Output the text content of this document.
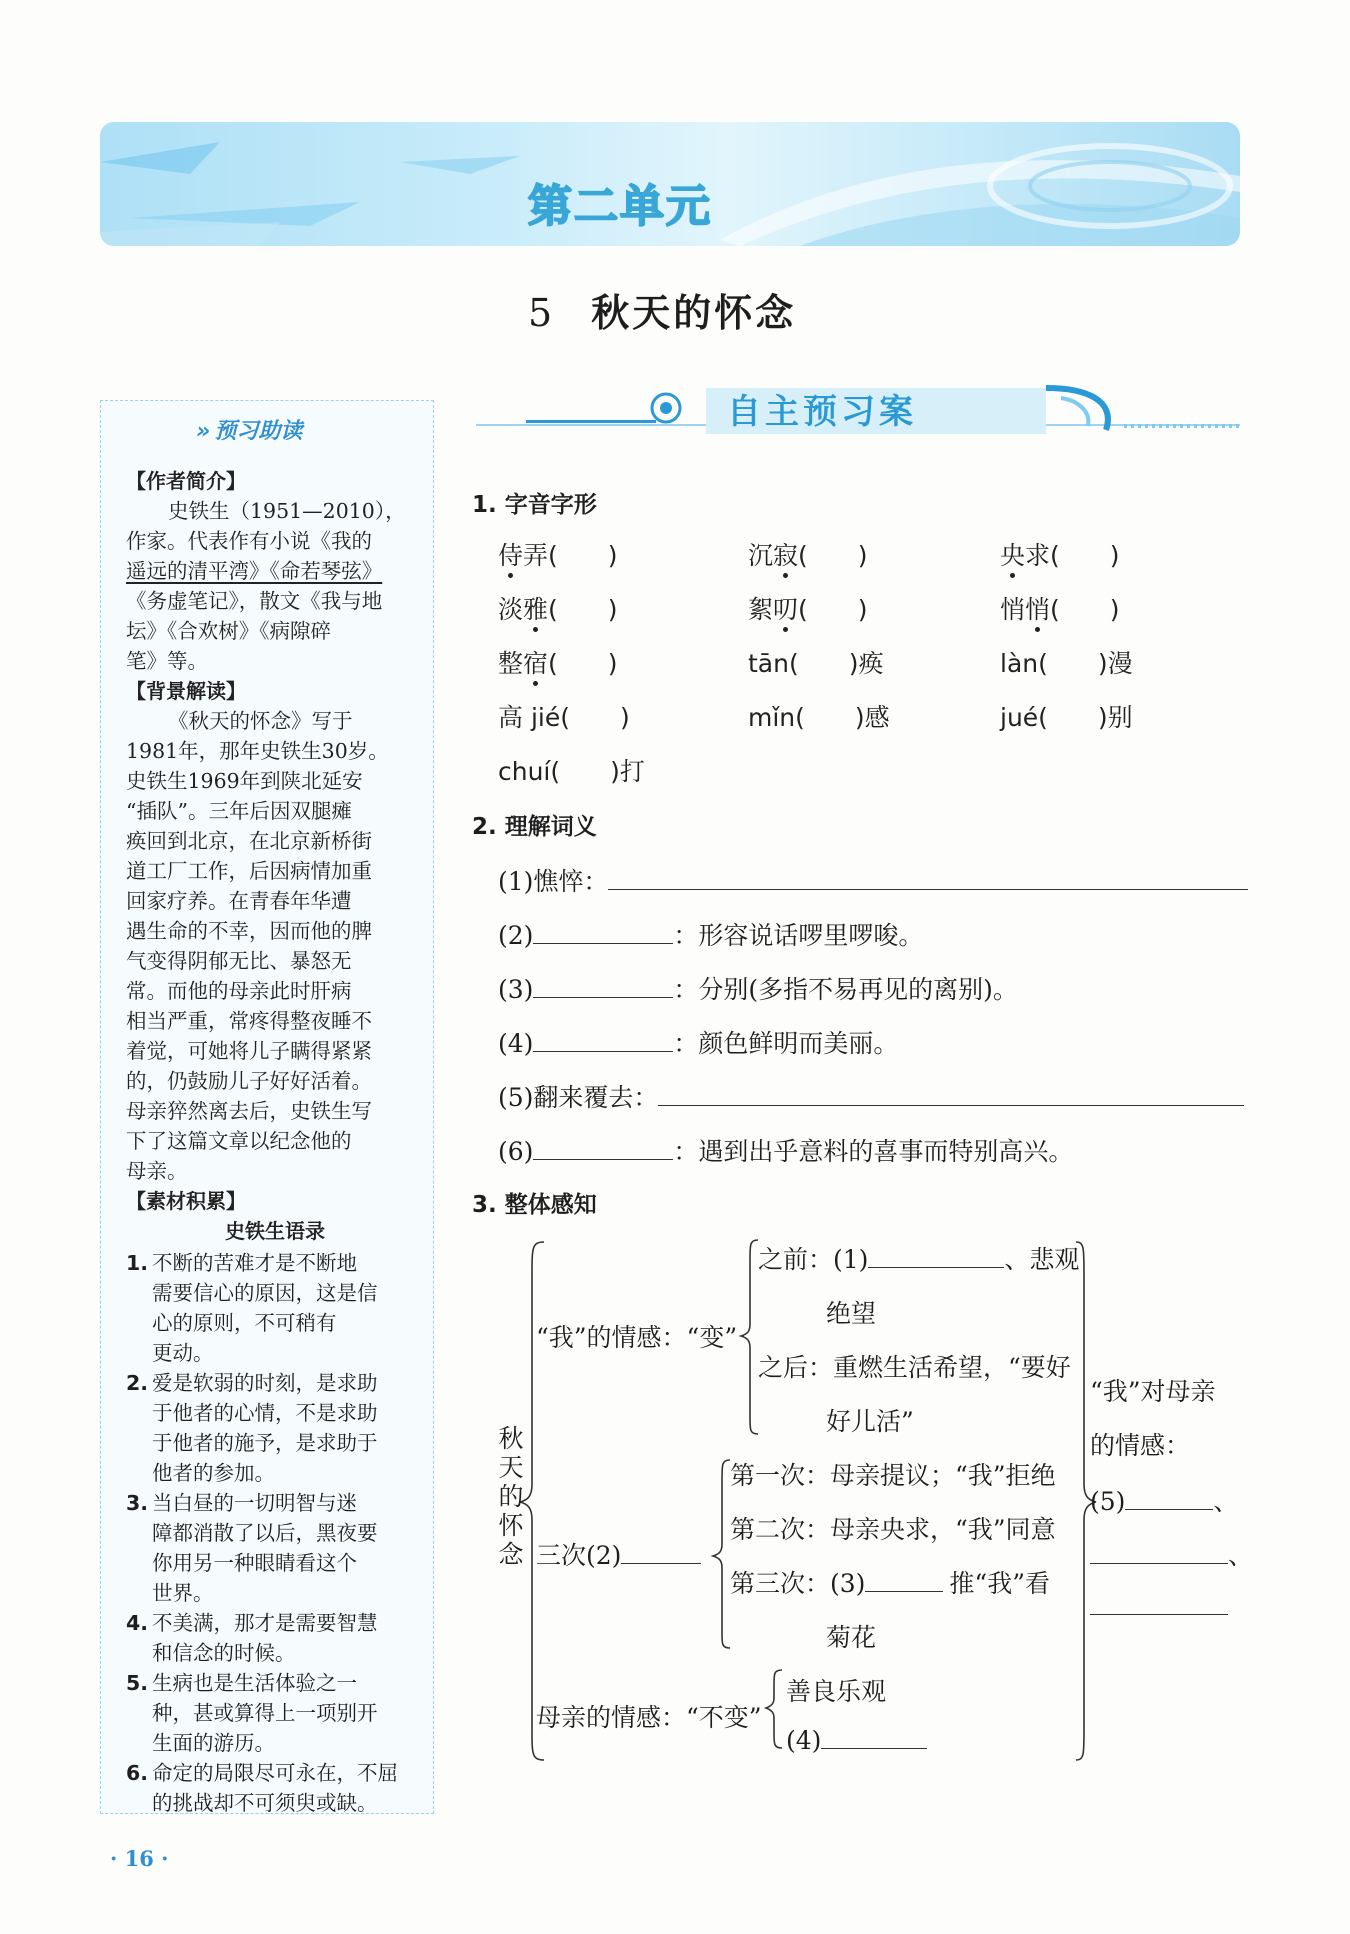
第二单元
5 秋天的怀念
» 预习助读
【作者简介】
史铁生（1951—2010），
作家。代表作有小说《我的
遥远的清平湾》《命若琴弦》
《务虚笔记》，散文《我与地
坛》《合欢树》《病隙碎
笔》等。
【背景解读】
《秋天的怀念》写于
1981年，那年史铁生30岁。
史铁生1969年到陕北延安
“插队”。三年后因双腿瘫
痪回到北京，在北京新桥街
道工厂工作，后因病情加重
回家疗养。在青春年华遭
遇生命的不幸，因而他的脾
气变得阴郁无比、暴怒无
常。而他的母亲此时肝病
相当严重，常疼得整夜睡不
着觉，可她将儿子瞒得紧紧
的，仍鼓励儿子好好活着。
母亲猝然离去后，史铁生写
下了这篇文章以纪念他的
母亲。
【素材积累】
史铁生语录
1. 不断的苦难才是不断地
需要信心的原因，这是信
心的原则，不可稍有
更动。
2. 爱是软弱的时刻，是求助
于他者的心情，不是求助
于他者的施予，是求助于
他者的参加。
3. 当白昼的一切明智与迷
障都消散了以后，黑夜要
你用另一种眼睛看这个
世界。
4. 不美满，那才是需要智慧
和信念的时候。
5. 生病也是生活体验之一
种，甚或算得上一项别开
生面的游历。
6. 命定的局限尽可永在，不屈
的挑战却不可须臾或缺。
自主预习案
1. 字音字形
侍弄(　　)	沉寂(　　)	央求(　　)
淡雅(　　)	絮叨(　　)	悄悄(　　)
整宿(　　)	tān(　　)痪	làn(　　)漫
高 jié(　　)	mǐn(　　)感	jué(　　)别
chuí(　　)打
2. 理解词义
(1)憔悴：
(2)	：形容说话啰里啰唆。
(3)	：分别(多指不易再见的离别)。
(4)	：颜色鲜明而美丽。
(5)翻来覆去：
(6)	：遇到出乎意料的喜事而特别高兴。
3. 整体感知
秋
天
的
怀
念
“我”的情感：“变”
之前：(1)	、悲观
绝望
之后：重燃生活希望，“要好
好儿活”
三次(2)
第一次：母亲提议；“我”拒绝
第二次：母亲央求，“我”同意
第三次：(3)	推“我”看
菊花
母亲的情感：“不变”
善良乐观
(4)
“我”对母亲
的情感：
(5)	、
、
· 16 ·
